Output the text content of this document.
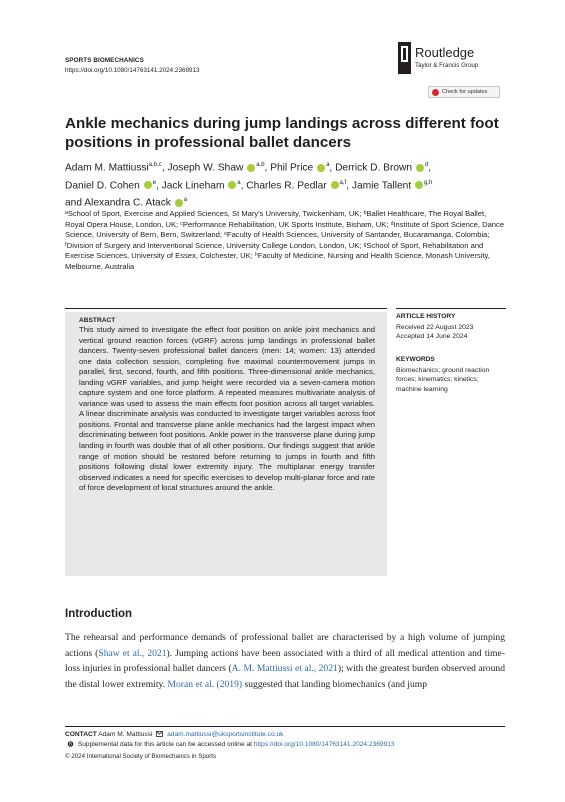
SPORTS BIOMECHANICS
https://doi.org/10.1080/14763141.2024.2369913
Routledge
Taylor & Francis Group
Check for updates
Ankle mechanics during jump landings across different foot positions in professional ballet dancers
Adam M. Mattiussi$^{a,b,c}$, Joseph W. Shaw $^{a,b}$, Phil Price $^a$, Derrick D. Brown $^d$,
Daniel D. Cohen $^e$, Jack Lineham $^a$, Charles R. Pedlar $^{a,f}$, Jamie Tallent $^{g,h}$
and Alexandra C. Atack $^a$
ᵃSchool of Sport, Exercise and Applied Sciences, St Mary's University, Twickenham, UK; ᵇBallet Healthcare, The Royal Ballet, Royal Opera House, London, UK; ᶜPerformance Rehabilitation, UK Sports Institute, Bisham, UK; ᵈInstitute of Sport Science, Dance Science, University of Bern, Bern, Switzerland; ᵉFaculty of Health Sciences, University of Santander, Bucaramanga, Colombia; ᶠDivision of Surgery and Interventional Science, University College London, London, UK; ᵍSchool of Sport, Rehabilitation and Exercise Sciences, University of Essex, Colchester, UK; ʰFaculty of Medicine, Nursing and Health Science, Monash University, Melbourne, Australia
ABSTRACT
This study aimed to investigate the effect foot position on ankle joint mechanics and vertical ground reaction forces (vGRF) across jump landings in professional ballet dancers. Twenty-seven professional ballet dancers (men: 14; women: 13) attended one data collection session, completing five maximal countermovement jumps in parallel, first, second, fourth, and fifth positions. Three-dimensional ankle mechanics, landing vGRF variables, and jump height were recorded via a seven-camera motion capture system and one force platform. A repeated measures multivariate analysis of variance was used to assess the main effects foot position across all target variables. A linear discriminate analysis was conducted to investigate target variables across foot positions. Frontal and transverse plane ankle mechanics had the largest impact when discriminating between foot positions. Ankle power in the transverse plane during jump landing in fourth was double that of all other positions. Our findings suggest that ankle range of motion should be restored before returning to jumps in fourth and fifth positions following distal lower extremity injury. The multiplanar energy transfer observed indicates a need for specific exercises to develop multi-planar force and rate of force development of local structures around the ankle.
ARTICLE HISTORY
Received 22 August 2023
Accepted 14 June 2024
KEYWORDS
Biomechanics; ground reaction forces; kinematics; kinetics; machine learning
Introduction
The rehearsal and performance demands of professional ballet are characterised by a high volume of jumping actions (Shaw et al., 2021). Jumping actions have been associated with a third of all medical attention and time-loss injuries in professional ballet dancers (A. M. Mattiussi et al., 2021); with the greatest burden observed around the distal lower extremity. Moran et al. (2019) suggested that landing biomechanics (and jump
CONTACT Adam M. Mattiussi adam.mattiussi@uksportsinstitute.co.uk
B Supplemental data for this article can be accessed online at https://doi.org/10.1080/14763141.2024.2369913
© 2024 International Society of Biomechanics in Sports
